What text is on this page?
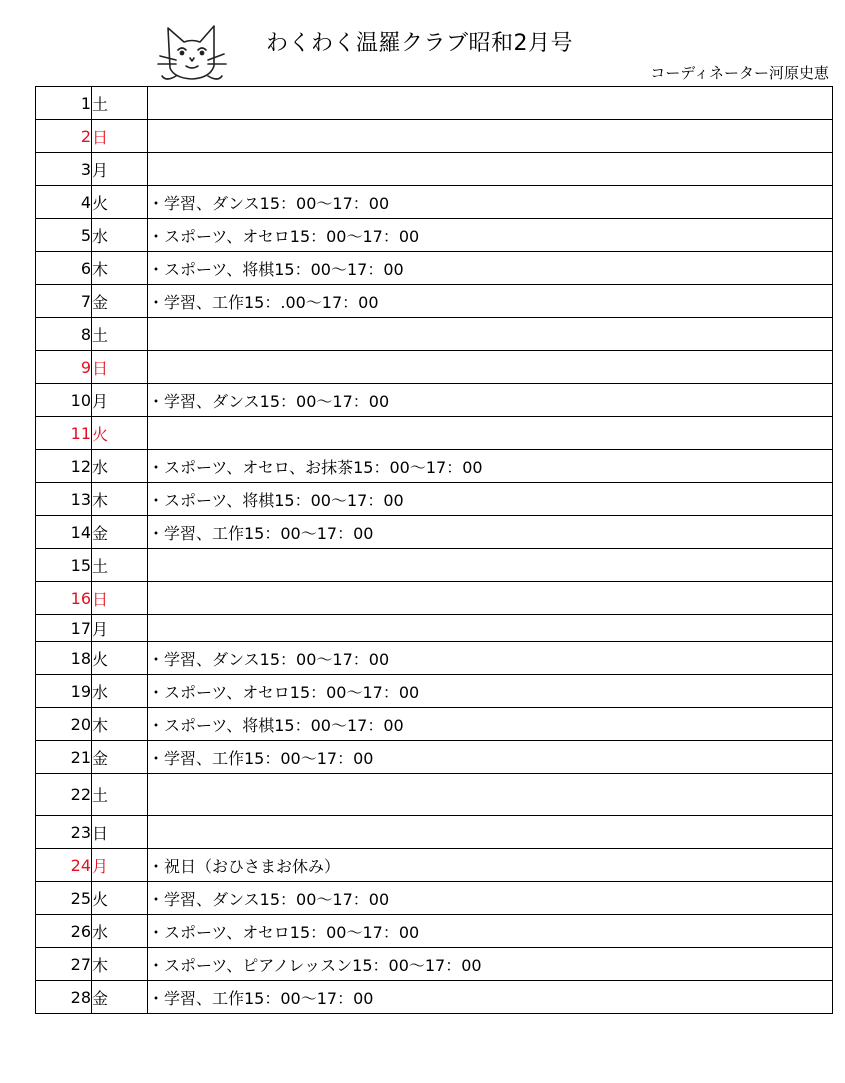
わくわく温羅クラブ昭和2月号
コーディネーター河原史恵
1	土	
2	日	
3	月	
4	火	・学習、ダンス15：00～17：00
5	水	・スポーツ、オセロ15：00～17：00
6	木	・スポーツ、将棋15：00～17：00
7	金	・学習、工作15：.00～17：00
8	土	
9	日	
10	月	・学習、ダンス15：00～17：00
11	火	
12	水	・スポーツ、オセロ、お抹茶15：00～17：00
13	木	・スポーツ、将棋15：00～17：00
14	金	・学習、工作15：00～17：00
15	土	
16	日	
17	月	
18	火	・学習、ダンス15：00～17：00
19	水	・スポーツ、オセロ15：00～17：00
20	木	・スポーツ、将棋15：00～17：00
21	金	・学習、工作15：00～17：00
22	土	
23	日	
24	月	・祝日（おひさまお休み）
25	火	・学習、ダンス15：00～17：00
26	水	・スポーツ、オセロ15：00～17：00
27	木	・スポーツ、ピアノレッスン15：00～17：00
28	金	・学習、工作15：00～17：00
